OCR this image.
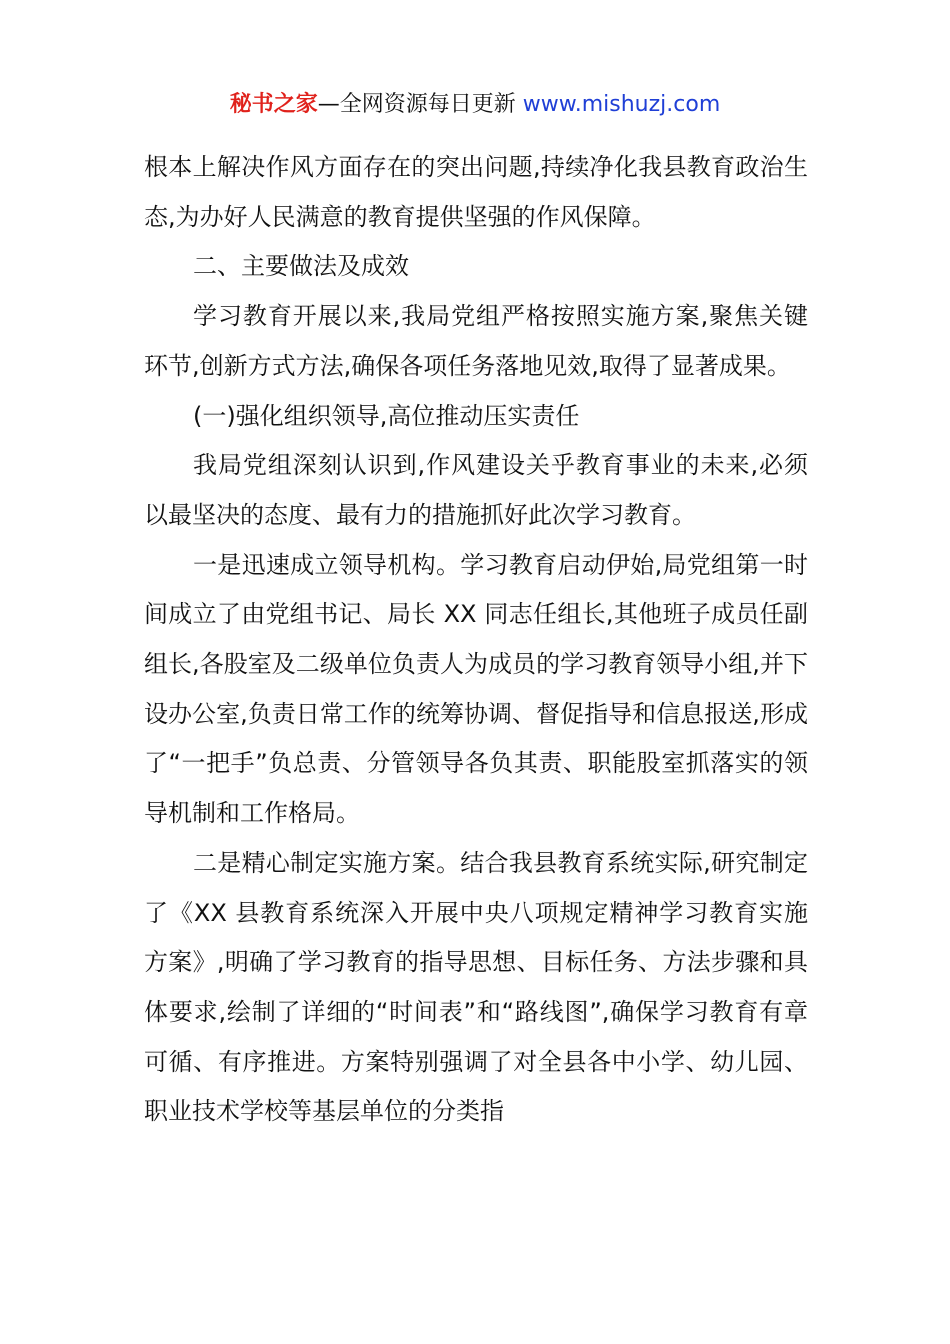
秘书之家—全网资源每日更新 www.mishuzj.com

根本上解决作风方面存在的突出问题,持续净化我县教育政治生态,为办好人民满意的教育提供坚强的作风保障。

二、主要做法及成效

学习教育开展以来,我局党组严格按照实施方案,聚焦关键环节,创新方式方法,确保各项任务落地见效,取得了显著成果。

(一)强化组织领导,高位推动压实责任

我局党组深刻认识到,作风建设关乎教育事业的未来,必须以最坚决的态度、最有力的措施抓好此次学习教育。

一是迅速成立领导机构。学习教育启动伊始,局党组第一时间成立了由党组书记、局长 XX 同志任组长,其他班子成员任副组长,各股室及二级单位负责人为成员的学习教育领导小组,并下设办公室,负责日常工作的统筹协调、督促指导和信息报送,形成了“一把手”负总责、分管领导各负其责、职能股室抓落实的领导机制和工作格局。

二是精心制定实施方案。结合我县教育系统实际,研究制定了《XX 县教育系统深入开展中央八项规定精神学习教育实施方案》,明确了学习教育的指导思想、目标任务、方法步骤和具体要求,绘制了详细的“时间表”和“路线图”,确保学习教育有章可循、有序推进。方案特别强调了对全县各中小学、幼儿园、职业技术学校等基层单位的分类指
